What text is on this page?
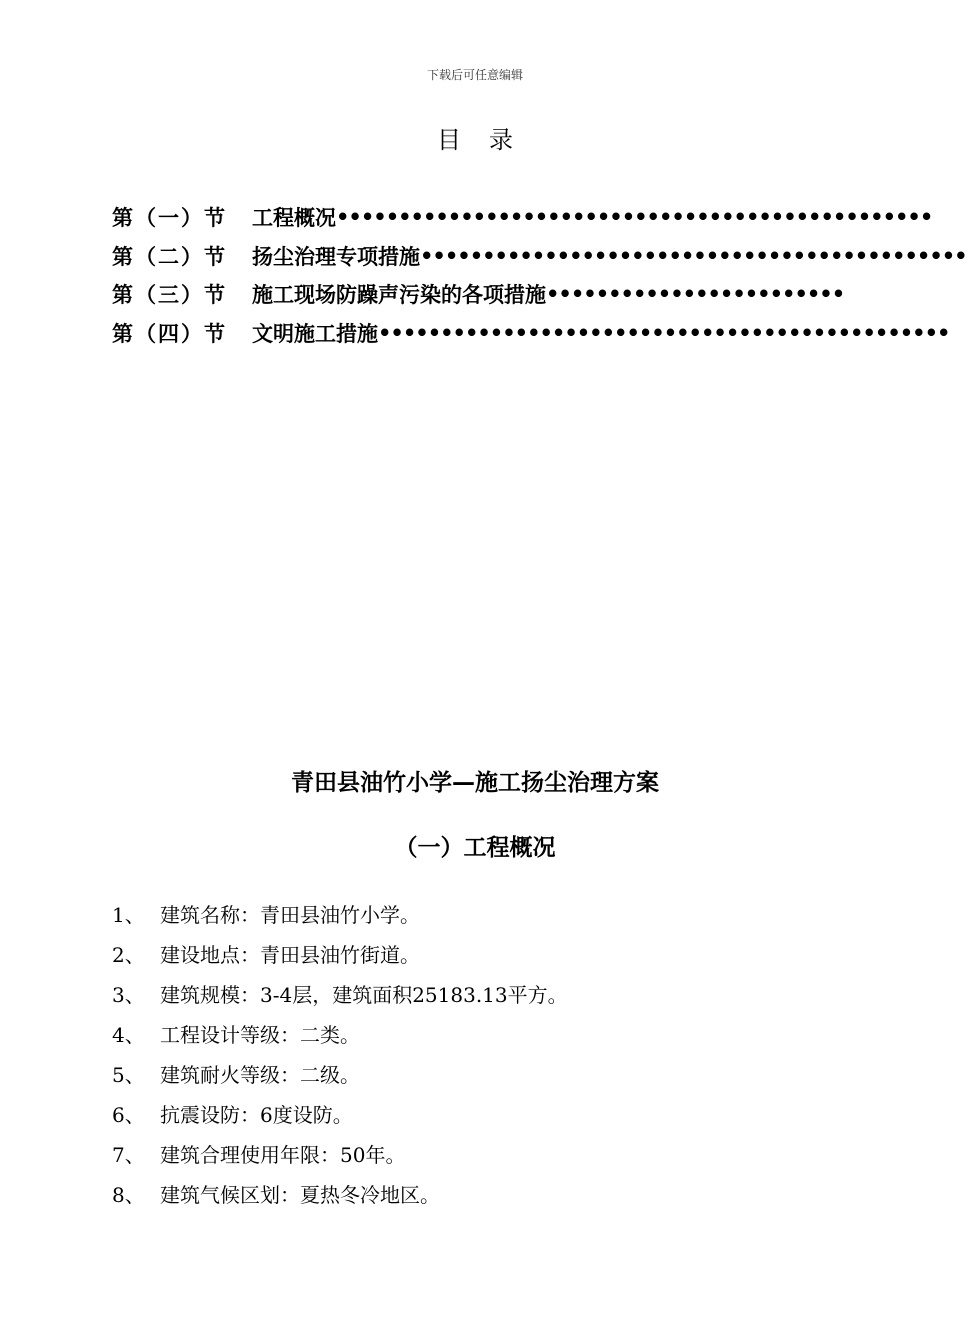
下载后可任意编辑
目录
第（一）节	工程概况 ••••••••••••••••••••••••••••••••••••••••••••••••
第（二）节	扬尘治理专项措施 ••••••••••••••••••••••••••••••••••••••••••••
第（三）节	施工现场防躁声污染的各项措施 ••••••••••••••••••••••••
第（四）节	文明施工措施 ••••••••••••••••••••••••••••••••••••••••••••••
青田县油竹小学—施工扬尘治理方案
（一）工程概况
1、 建筑名称：青田县油竹小学。
2、 建设地点：青田县油竹街道。
3、 建筑规模：3-4层，建筑面积25183.13平方。
4、 工程设计等级：二类。
5、 建筑耐火等级：二级。
6、 抗震设防：6度设防。
7、 建筑合理使用年限：50年。
8、 建筑气候区划：夏热冬冷地区。
